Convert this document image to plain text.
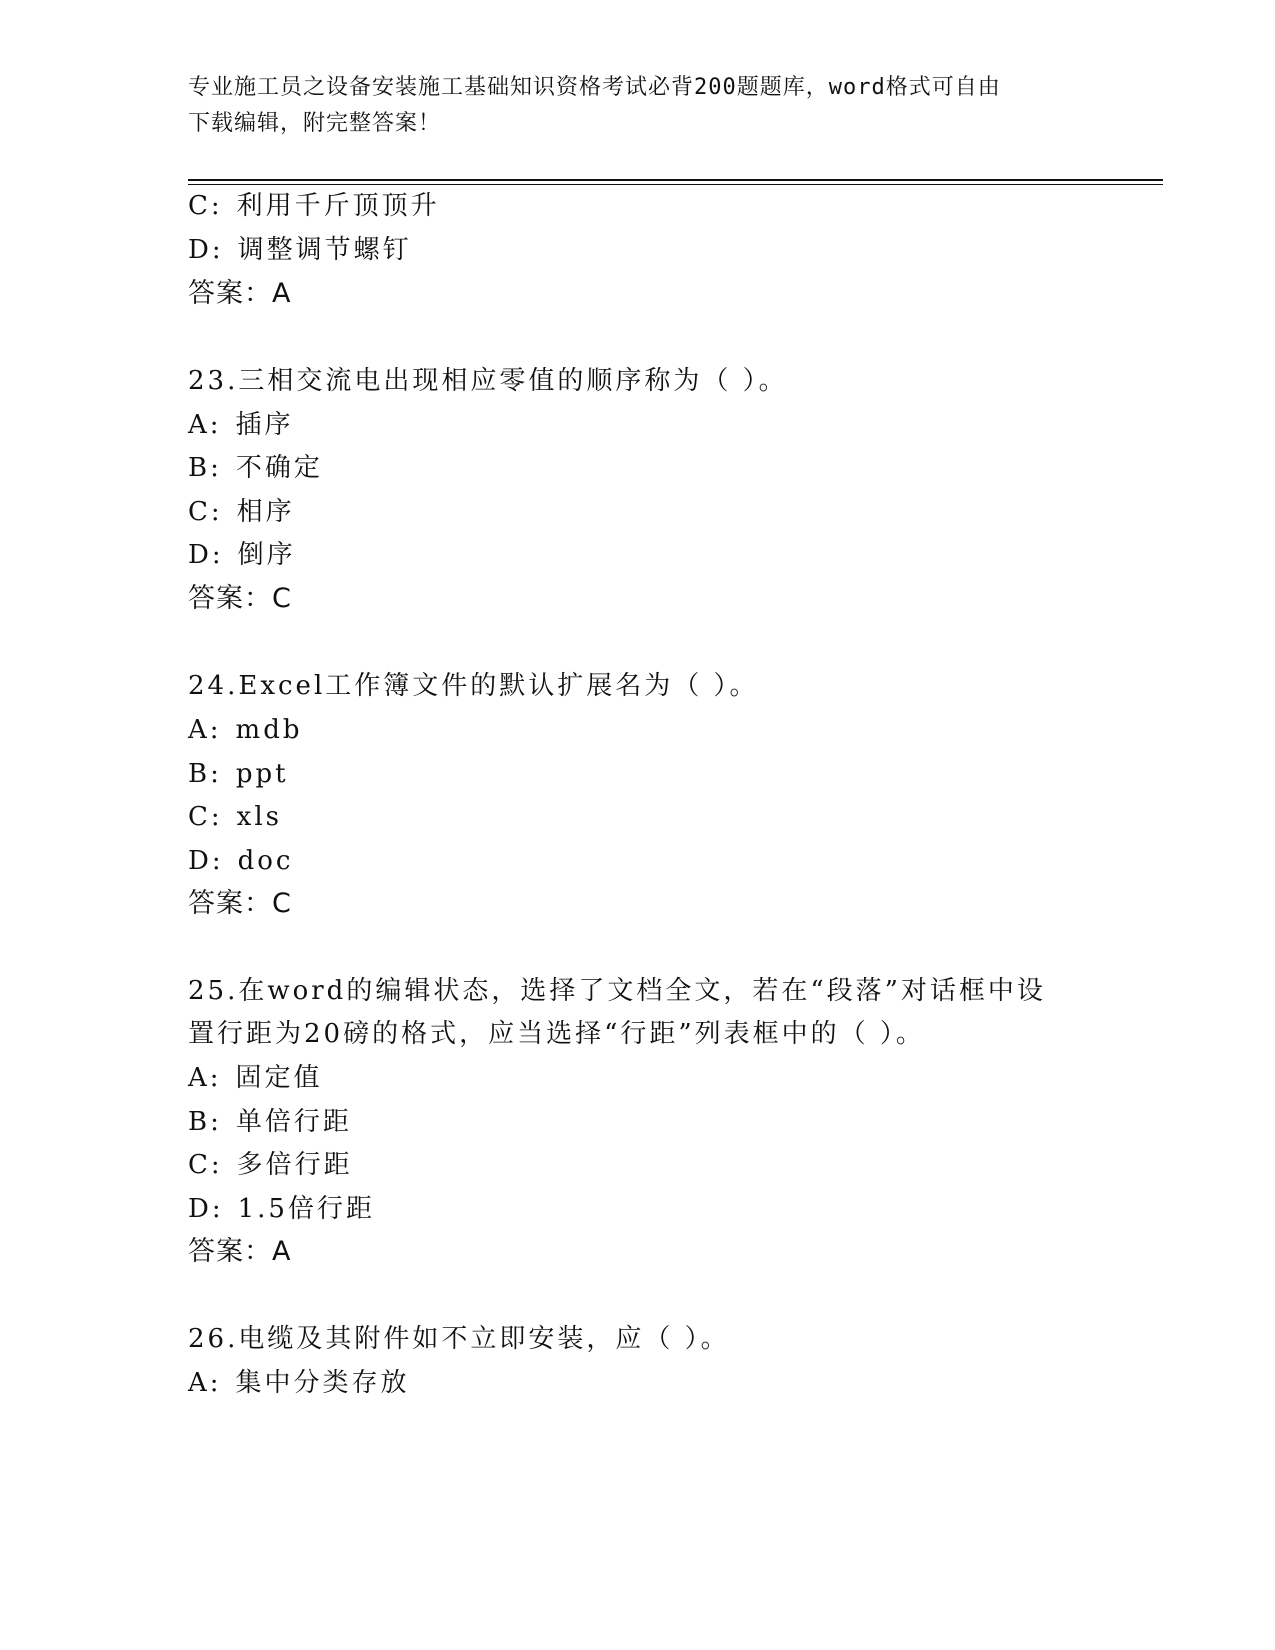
专业施工员之设备安装施工基础知识资格考试必背200题题库，word格式可自由
下载编辑，附完整答案！
C: 利用千斤顶顶升
D: 调整调节螺钉
答案：A
23.三相交流电出现相应零值的顺序称为（ ）。
A: 插序
B: 不确定
C: 相序
D: 倒序
答案：C
24.Excel工作簿文件的默认扩展名为（ ）。
A: mdb
B: ppt
C: xls
D: doc
答案：C
25.在word的编辑状态，选择了文档全文，若在“段落”对话框中设
置行距为20磅的格式，应当选择“行距”列表框中的（ ）。
A: 固定值
B: 单倍行距
C: 多倍行距
D: 1.5倍行距
答案：A
26.电缆及其附件如不立即安装，应（ ）。
A: 集中分类存放
